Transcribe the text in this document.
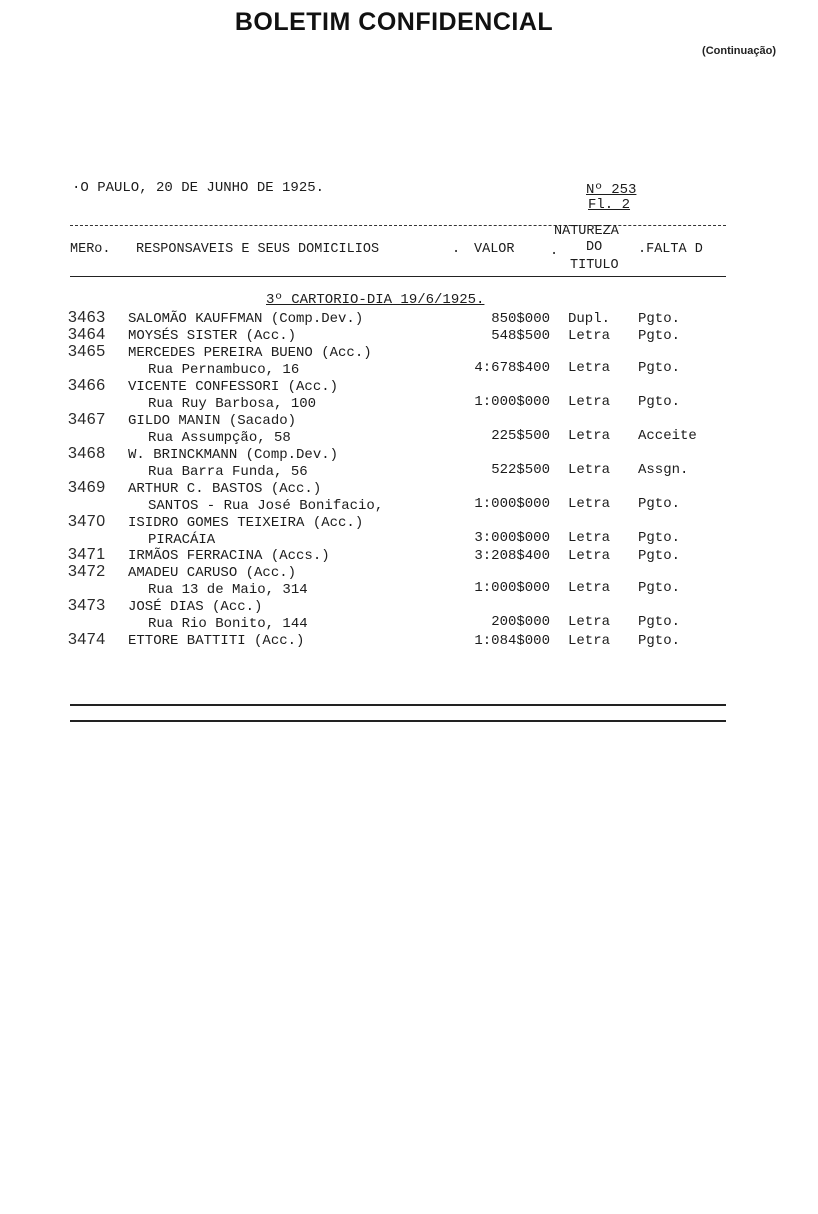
BOLETIM CONFIDENCIAL
(Continuação)
·O PAULO, 20 DE JUNHO DE 1925.	Nº 253
Fl. 2
MERo. RESPONSAVEIS E SEUS DOMICILIOS	. VALOR	.
NATUREZA
DO
TITULO
.FALTA D
3º CARTORIO-DIA 19/6/1925.
3463 SALOMÃO KAUFFMAN (Comp.Dev.)	850$000 Dupl. Pgto.
3464 MOYSÉS SISTER (Acc.)	548$500 Letra Pgto.
3465 MERCEDES PEREIRA BUENO (Acc.)
Rua Pernambuco, 16	4:678$400 Letra Pgto.
3466 VICENTE CONFESSORI (Acc.)
Rua Ruy Barbosa, 100	1:000$000 Letra Pgto.
3467 GILDO MANIN (Sacado)
Rua Assumpção, 58	225$500 Letra Acceite
3468 W. BRINCKMANN (Comp.Dev.)
Rua Barra Funda, 56	522$500 Letra Assgn.
3469 ARTHUR C. BASTOS (Acc.)
SANTOS - Rua José Bonifacio,	1:000$000 Letra Pgto.
3470 ISIDRO GOMES TEIXEIRA (Acc.)
PIRACÁIA	3:000$000 Letra Pgto.
3471 IRMÃOS FERRACINA (Accs.)	3:208$400 Letra Pgto.
3472 AMADEU CARUSO (Acc.)
Rua 13 de Maio, 314	1:000$000 Letra Pgto.
3473 JOSÉ DIAS (Acc.)
Rua Rio Bonito, 144	200$000 Letra Pgto.
3474 ETTORE BATTITI (Acc.)	1:084$000 Letra Pgto.
